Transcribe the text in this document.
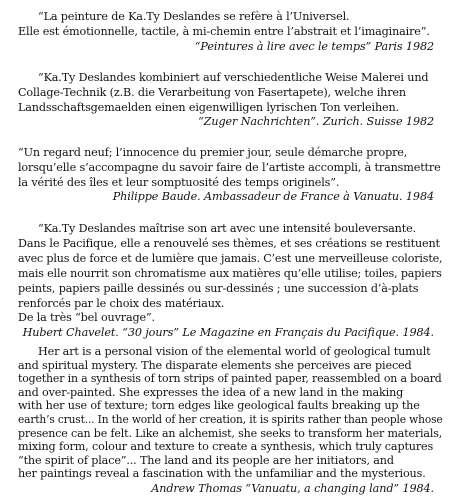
“La peinture de Ka.Ty Deslandes se refère à l’Universel.
Elle est émotionnelle, tactile, à mi-chemin entre l’abstrait et l’imaginaire”.
“Peintures à lire avec le temps” Paris 1982
“Ka.Ty Deslandes kombiniert auf verschiedentliche Weise Malerei und
Collage-Technik (z.B. die Verarbeitung von Fasertapete), welche ihren
Landsschaftsgemaelden einen eigenwilligen lyrischen Ton verleihen.
“Zuger Nachrichten”. Zurich. Suisse 1982
“Un regard neuf; l’innocence du premier jour, seule démarche propre,
lorsqu’elle s’accompagne du savoir faire de l’artiste accompli, à transmettre
la vérité des îles et leur somptuosité des temps originels”.
Philippe Baude. Ambassadeur de France à Vanuatu. 1984
“Ka.Ty Deslandes maîtrise son art avec une intensité bouleversante.
Dans le Pacifique, elle a renouvelé ses thèmes, et ses créations se restituent
avec plus de force et de lumière que jamais. C’est une merveilleuse coloriste,
mais elle nourrit son chromatisme aux matières qu’elle utilise; toiles, papiers
peints, papiers paille dessinés ou sur-dessinés ; une succession d’à-plats
renforcés par le choix des matériaux.
De la très “bel ouvrage”.
Hubert Chavelet. “30 jours” Le Magazine en Français du Pacifique. 1984.
Her art is a personal vision of the elemental world of geological tumult
and spiritual mystery. The disparate elements she perceives are pieced
together in a synthesis of torn strips of painted paper, reassembled on a board
and over-painted. She expresses the idea of a new land in the making
with her use of texture; torn edges like geological faults breaking up the
earth’s crust... In the world of her creation, it is spirits rather than people whose
presence can be felt. Like an alchemist, she seeks to transform her materials,
mixing form, colour and texture to create a synthesis, which truly captures
“the spirit of place”... The land and its people are her initiators, and
her paintings reveal a fascination with the unfamiliar and the mysterious.
Andrew Thomas “Vanuatu, a changing land” 1984.
